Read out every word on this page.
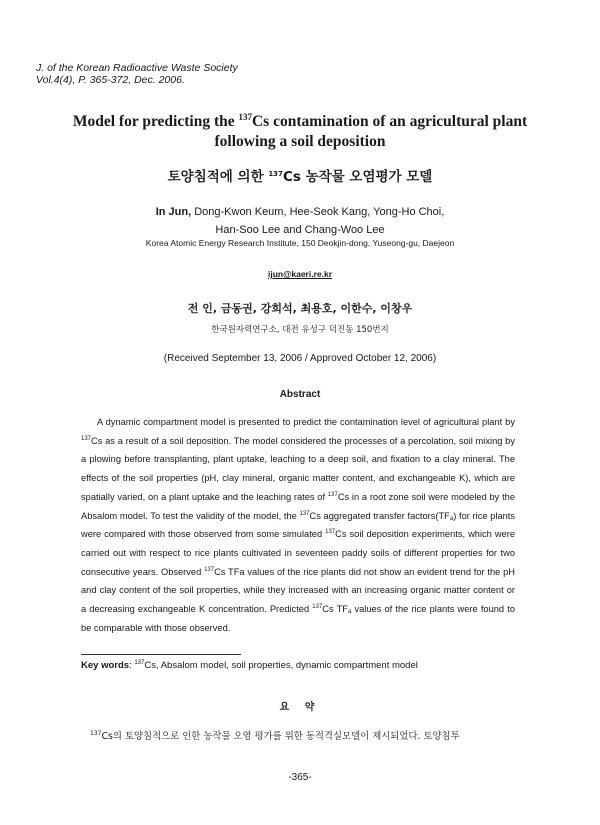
J. of the Korean Radioactive Waste Society
Vol.4(4), P. 365-372, Dec. 2006.
Model for predicting the $^{137}$Cs contamination of an agricultural plant
following a soil deposition
토양침적에 의한 $^{137}$Cs 농작물 오염평가 모델
In Jun, Dong-Kwon Keum, Hee-Seok Kang, Yong-Ho Choi,
Han-Soo Lee and Chang-Woo Lee
Korea Atomic Energy Research Institute, 150 Deokjin-dong, Yuseong-gu, Daejeon
ijun@kaeri.re.kr
전 인, 금동권, 강희석, 최용호, 이한수, 이창우
한국원자력연구소, 대전 유성구 덕진동 150번지
(Received September 13, 2006 / Approved October 12, 2006)
Abstract

A dynamic compartment model is presented to predict the contamination level of agricultural plant by $^{137}$Cs as a result of a soil deposition. The model considered the processes of a percolation, soil mixing by a plowing before transplanting, plant uptake, leaching to a deep soil, and fixation to a clay mineral. The effects of the soil properties (pH, clay mineral, organic matter content, and exchangeable K), which are spatially varied, on a plant uptake and the leaching rates of $^{137}$Cs in a root zone soil were modeled by the Absalom model. To test the validity of the model, the $^{137}$Cs aggregated transfer $factors(TF_a)$ for rice plants were compared with those observed from some simulated $^{137}$Cs soil deposition experiments, which were carried out with respect to rice plants cultivated in seventeen paddy soils of different properties for two consecutive years. Observed $^{137}$Cs TFa values of the rice plants did not show an evident trend for the pH and clay content of the soil properties, while they increased with an increasing organic matter content or a decreasing exchangeable K concentration. Predicted $^{137}$Cs $TF_a$ values of the rice plants were found to be comparable with those observed.

Key words: $^{137}$Cs, Absalom model, soil properties, dynamic compartment model
요 약
$^{137}$Cs의 토양침적으로 인한 농작물 오염 평가를 위한 동적격실모델이 제시되었다. 토양침투
-365-
